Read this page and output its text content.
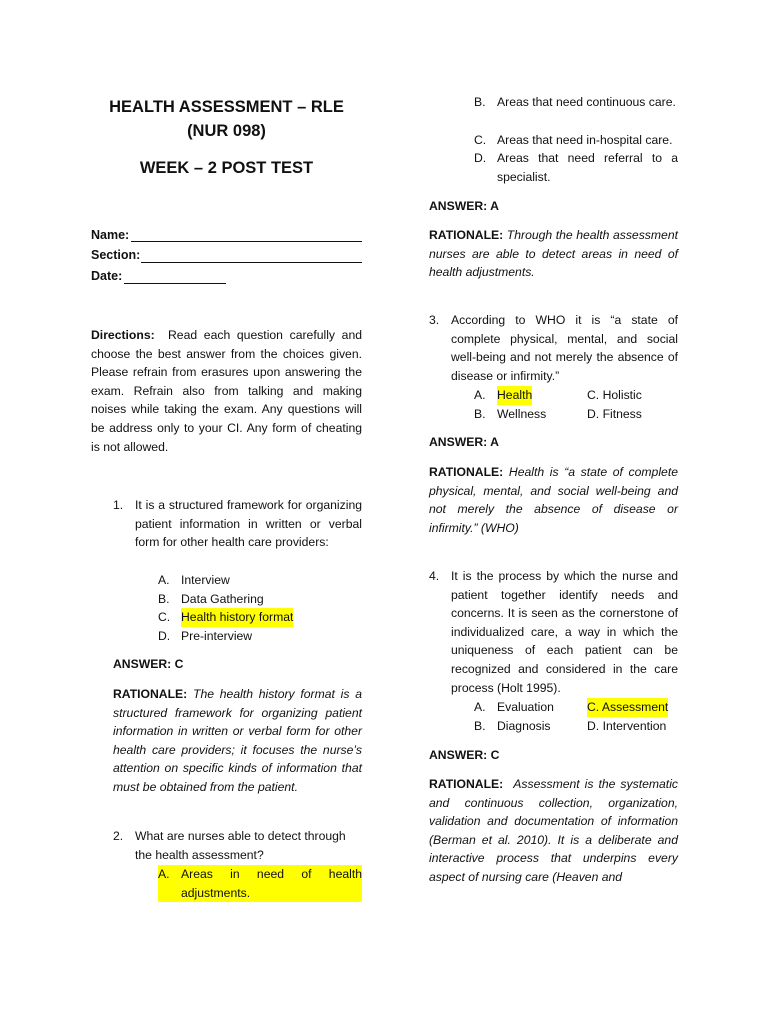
HEALTH ASSESSMENT – RLE
(NUR 098)
WEEK – 2 POST TEST
Name:
Section:
Date:
Directions: Read each question carefully and choose the best answer from the choices given. Please refrain from erasures upon answering the exam. Refrain also from talking and making noises while taking the exam. Any questions will be address only to your CI. Any form of cheating is not allowed.
1. It is a structured framework for organizing patient information in written or verbal form for other health care providers:
A. Interview
B. Data Gathering
C. Health history format
D. Pre-interview
ANSWER: C
RATIONALE: The health history format is a structured framework for organizing patient information in written or verbal form for other health care providers; it focuses the nurse’s attention on specific kinds of information that must be obtained from the patient.
2. What are nurses able to detect through the health assessment?
A. Areas in need of health adjustments.
B. Areas that need continuous care.
C. Areas that need in-hospital care.
D. Areas that need referral to a specialist.
ANSWER: A
RATIONALE: Through the health assessment nurses are able to detect areas in need of health adjustments.
3. According to WHO it is “a state of complete physical, mental, and social well-being and not merely the absence of disease or infirmity.”
A. Health
B. Wellness
C. Holistic
D. Fitness
ANSWER: A
RATIONALE: Health is “a state of complete physical, mental, and social well-being and not merely the absence of disease or infirmity.” (WHO)
4. It is the process by which the nurse and patient together identify needs and concerns. It is seen as the cornerstone of individualized care, a way in which the uniqueness of each patient can be recognized and considered in the care process (Holt 1995).
A. Evaluation
B. Diagnosis
C. Assessment
D. Intervention
ANSWER: C
RATIONALE: Assessment is the systematic and continuous collection, organization, validation and documentation of information (Berman et al. 2010). It is a deliberate and interactive process that underpins every aspect of nursing care (Heaven and
